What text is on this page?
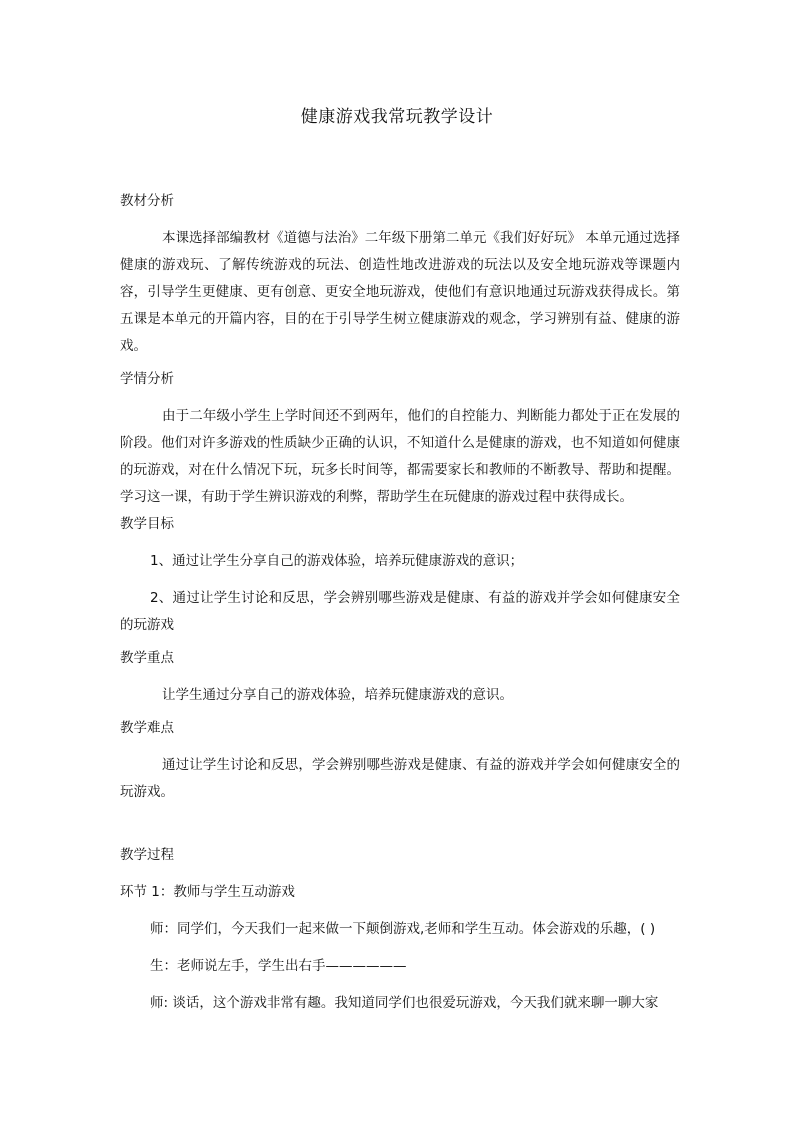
健康游戏我常玩教学设计

教材分析

本课选择部编教材《道德与法治》二年级下册第二单元《我们好好玩》 本单元通过选择健康的游戏玩、了解传统游戏的玩法、创造性地改进游戏的玩法以及安全地玩游戏等课题内容，引导学生更健康、更有创意、更安全地玩游戏，使他们有意识地通过玩游戏获得成长。第五课是本单元的开篇内容，目的在于引导学生树立健康游戏的观念，学习辨别有益、健康的游戏。

学情分析

由于二年级小学生上学时间还不到两年，他们的自控能力、判断能力都处于正在发展的阶段。他们对许多游戏的性质缺少正确的认识，不知道什么是健康的游戏，也不知道如何健康的玩游戏，对在什么情况下玩，玩多长时间等，都需要家长和教师的不断教导、帮助和提醒。学习这一课，有助于学生辨识游戏的利弊，帮助学生在玩健康的游戏过程中获得成长。

教学目标

1、通过让学生分享自己的游戏体验，培养玩健康游戏的意识；

2、通过让学生讨论和反思，学会辨别哪些游戏是健康、有益的游戏并学会如何健康安全的玩游戏

教学重点

让学生通过分享自己的游戏体验，培养玩健康游戏的意识。

教学难点

通过让学生讨论和反思，学会辨别哪些游戏是健康、有益的游戏并学会如何健康安全的玩游戏。

教学过程

环节 1：教师与学生互动游戏

师：同学们，今天我们一起来做一下颠倒游戏,老师和学生互动。体会游戏的乐趣，( )

生：老师说左手，学生出右手——————

师: 谈话，这个游戏非常有趣。我知道同学们也很爱玩游戏，今天我们就来聊一聊大家
